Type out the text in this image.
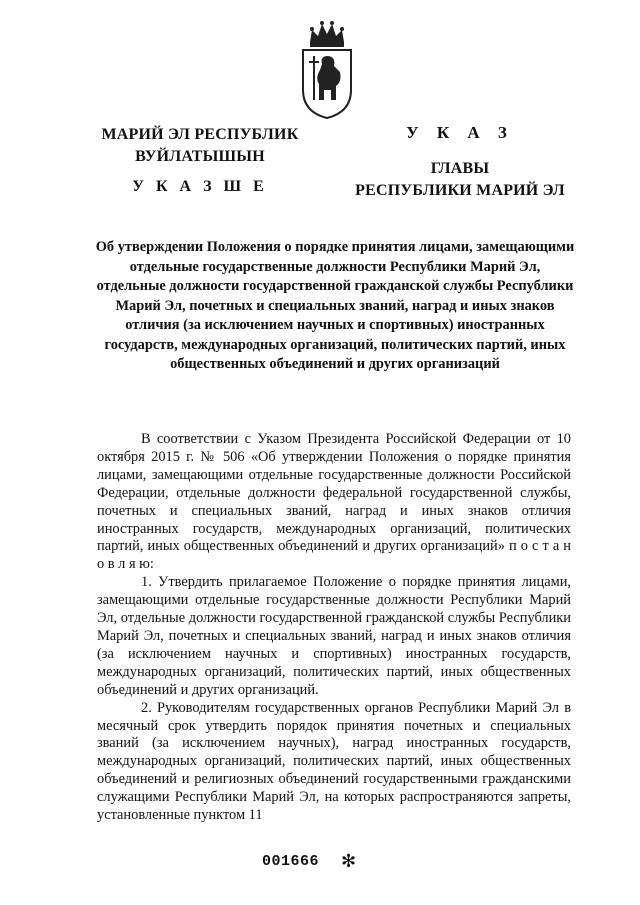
МАРИЙ ЭЛ РЕСПУБЛИК
ВУЙЛАТЫШЫН
У К А З Ш Е
У К А З
ГЛАВЫ
РЕСПУБЛИКИ МАРИЙ ЭЛ
Об утверждении Положения о порядке принятия лицами, замещающими отдельные государственные должности Республики Марий Эл, отдельные должности государственной гражданской службы Республики Марий Эл, почетных и специальных званий, наград и иных знаков отличия (за исключением научных и спортивных) иностранных государств, международных организаций, политических партий, иных общественных объединений и других организаций

В соответствии с Указом Президента Российской Федерации от 10 октября 2015 г. № 506 «Об утверждении Положения о порядке принятия лицами, замещающими отдельные государственные должности Российской Федерации, отдельные должности федеральной государственной службы, почетных и специальных званий, наград и иных знаков отличия иностранных государств, международных организаций, политических партий, иных общественных объединений и других организаций» п о с т а н о в л я ю:

1. Утвердить прилагаемое Положение о порядке принятия лицами, замещающими отдельные государственные должности Республики Марий Эл, отдельные должности государственной гражданской службы Республики Марий Эл, почетных и специальных званий, наград и иных знаков отличия (за исключением научных и спортивных) иностранных государств, международных организаций, политических партий, иных общественных объединений и других организаций.

2. Руководителям государственных органов Республики Марий Эл в месячный срок утвердить порядок принятия почетных и специальных званий (за исключением научных), наград иностранных государств, международных организаций, политических партий, иных общественных объединений и религиозных объединений государственными гражданскими служащими Республики Марий Эл, на которых распространяются запреты, установленные пунктом 11

001666 ✻
